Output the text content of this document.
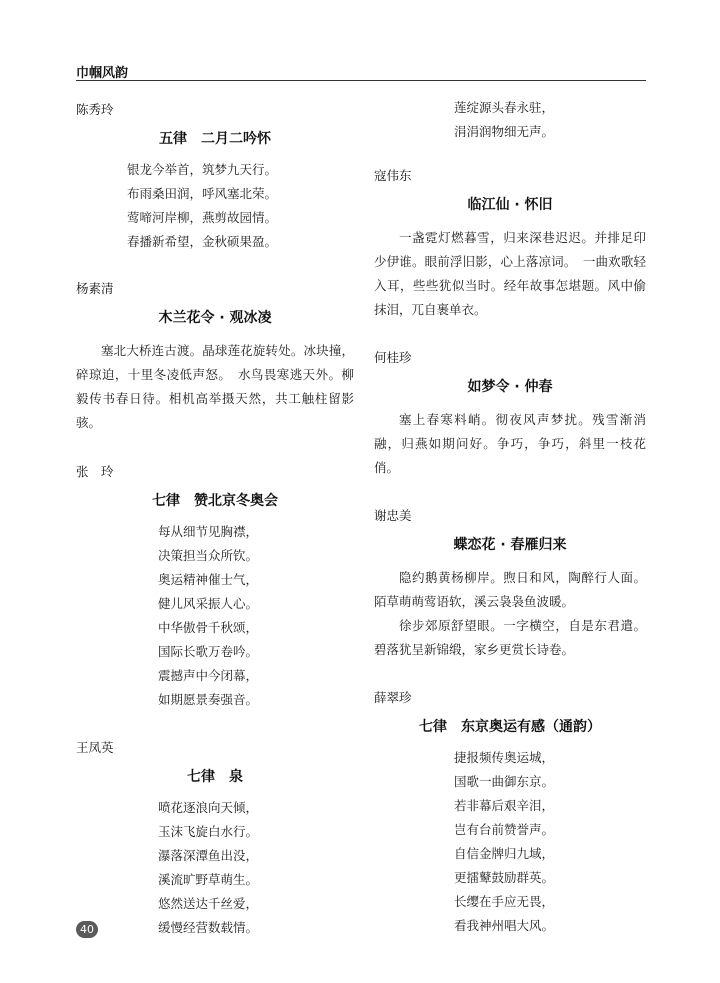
巾帼风韵

陈秀玲

五律　二月二吟怀

银龙今举首，筑梦九天行。

布雨桑田润，呼风塞北荣。

莺啼河岸柳，燕剪故园情。

春播新希望，金秋硕果盈。

杨素清

木兰花令 · 观冰凌

塞北大桥连古渡。晶球莲花旋转处。冰块撞，碎琼迫，十里冬凌低声怒。　水鸟畏寒逃天外。柳毅传书春日待。相机高举摄天然，共工触柱留影骇。

张　玲

七律　赞北京冬奥会

每从细节见胸襟，

决策担当众所钦。

奥运精神催士气，

健儿风采振人心。

中华傲骨千秋颂，

国际长歌万卷吟。

震撼声中今闭幕，

如期愿景奏强音。

王凤英

七律　泉

喷花逐浪向天倾，

玉沫飞旋白水行。

瀑落深潭鱼出没，

溪流旷野草萌生。

悠然送达千丝爱，

缓慢经营数载情。

莲绽源头春永驻，

涓涓润物细无声。

寇伟东

临江仙 · 怀旧

一盏霓灯燃暮雪，归来深巷迟迟。并排足印少伊谁。眼前浮旧影，心上落凉词。　一曲欢歌轻入耳，些些犹似当时。经年故事怎堪题。风中偷抹泪，兀自裹单衣。

何桂珍

如梦令 · 仲春

塞上春寒料峭。彻夜风声梦扰。残雪渐消融，归燕如期问好。争巧，争巧，斜里一枝花俏。

谢忠美

蝶恋花 · 春雁归来

隐约鹅黄杨柳岸。煦日和风，陶醉行人面。陌草萌萌莺语软，溪云袅袅鱼波暖。

徐步郊原舒望眼。一字横空，自是东君遣。碧落犹呈新锦缎，家乡更赏长诗卷。

薛翠珍

七律　东京奥运有感（通韵）

捷报频传奥运城，

国歌一曲御东京。

若非幕后艰辛泪，

岂有台前赞誉声。

自信金牌归九域，

更擂鼙鼓励群英。

长缨在手应无畏，

看我神州唱大风。

40
